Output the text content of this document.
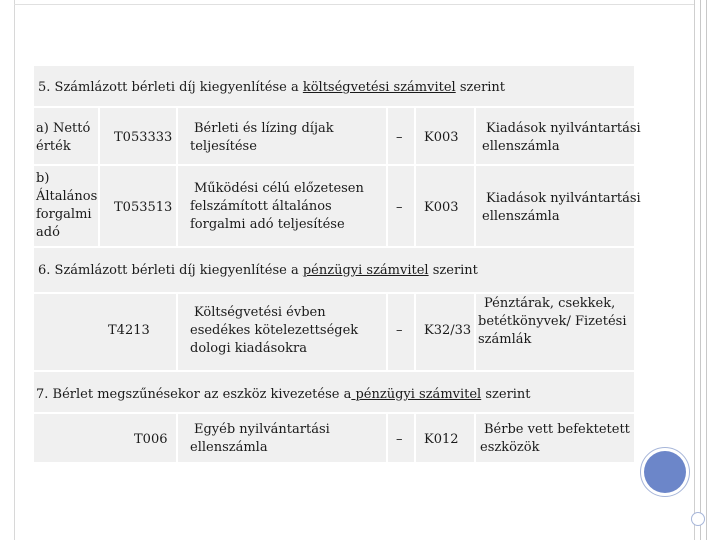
5. Számlázott bérleti díj kiegyenlítése a költségvetési számvitel szerint
a) Nettó
érték
T053333
Bérleti és lízing díjak
teljesítése
– K003
Kiadások nyilvántartási
ellenszámla
b)
Általános
forgalmi
adó
T053513
Működési célú előzetesen
felszámított általános
forgalmi adó teljesítése
– K003
Kiadások nyilvántartási
ellenszámla
6. Számlázott bérleti díj kiegyenlítése a pénzügyi számvitel szerint
T4213
Költségvetési évben
esedékes kötelezettségek
dologi kiadásokra
– K32/33
Pénztárak, csekkek,
betétkönyvek/ Fizetési
számlák
7. Bérlet megszűnésekor az eszköz kivezetése a pénzügyi számvitel szerint
T006
Egyéb nyilvántartási
ellenszámla
– K012
Bérbe vett befektetett
eszközök
